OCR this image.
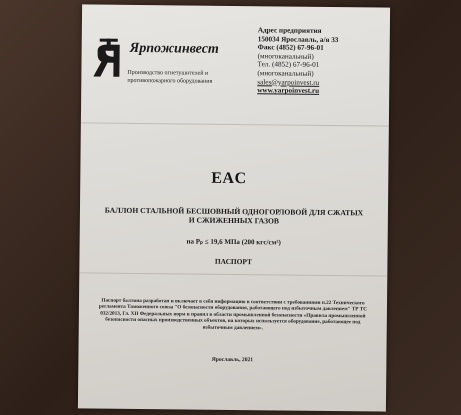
Ярпожинвест
Производство огнетушителей и противопожарного оборудования
Адрес предприятия
150034 Ярославль, а/я 33
Факс (4852) 67-96-01
(многоканальный)
Тел. (4852) 67-96-01
(многоканальный)
sales@yarpoinvest.ru
www.yarpoinvest.ru
EAC
БАЛЛОН СТАЛЬНОЙ БЕСШОВНЫЙ ОДНОГОРЛОВОЙ ДЛЯ СЖАТЫХ И СЖИЖЕННЫХ ГАЗОВ
на Pₚ ≤ 19,6 МПа (200 кгс/см²)
ПАСПОРТ
Паспорт баллона разработан и включает в себя информацию в соответствии с требованиями п.22 Технического регламента Таможенного союза "О безопасности оборудования, работающего под избыточным давлением" ТР ТС 032/2013, Гл. XII Федеральных норм и правил в области промышленной безопасности «Правила промышленной безопасности опасных производственных объектов, на которых используется оборудование, работающее под избыточным давлением».
Ярославль, 2021
